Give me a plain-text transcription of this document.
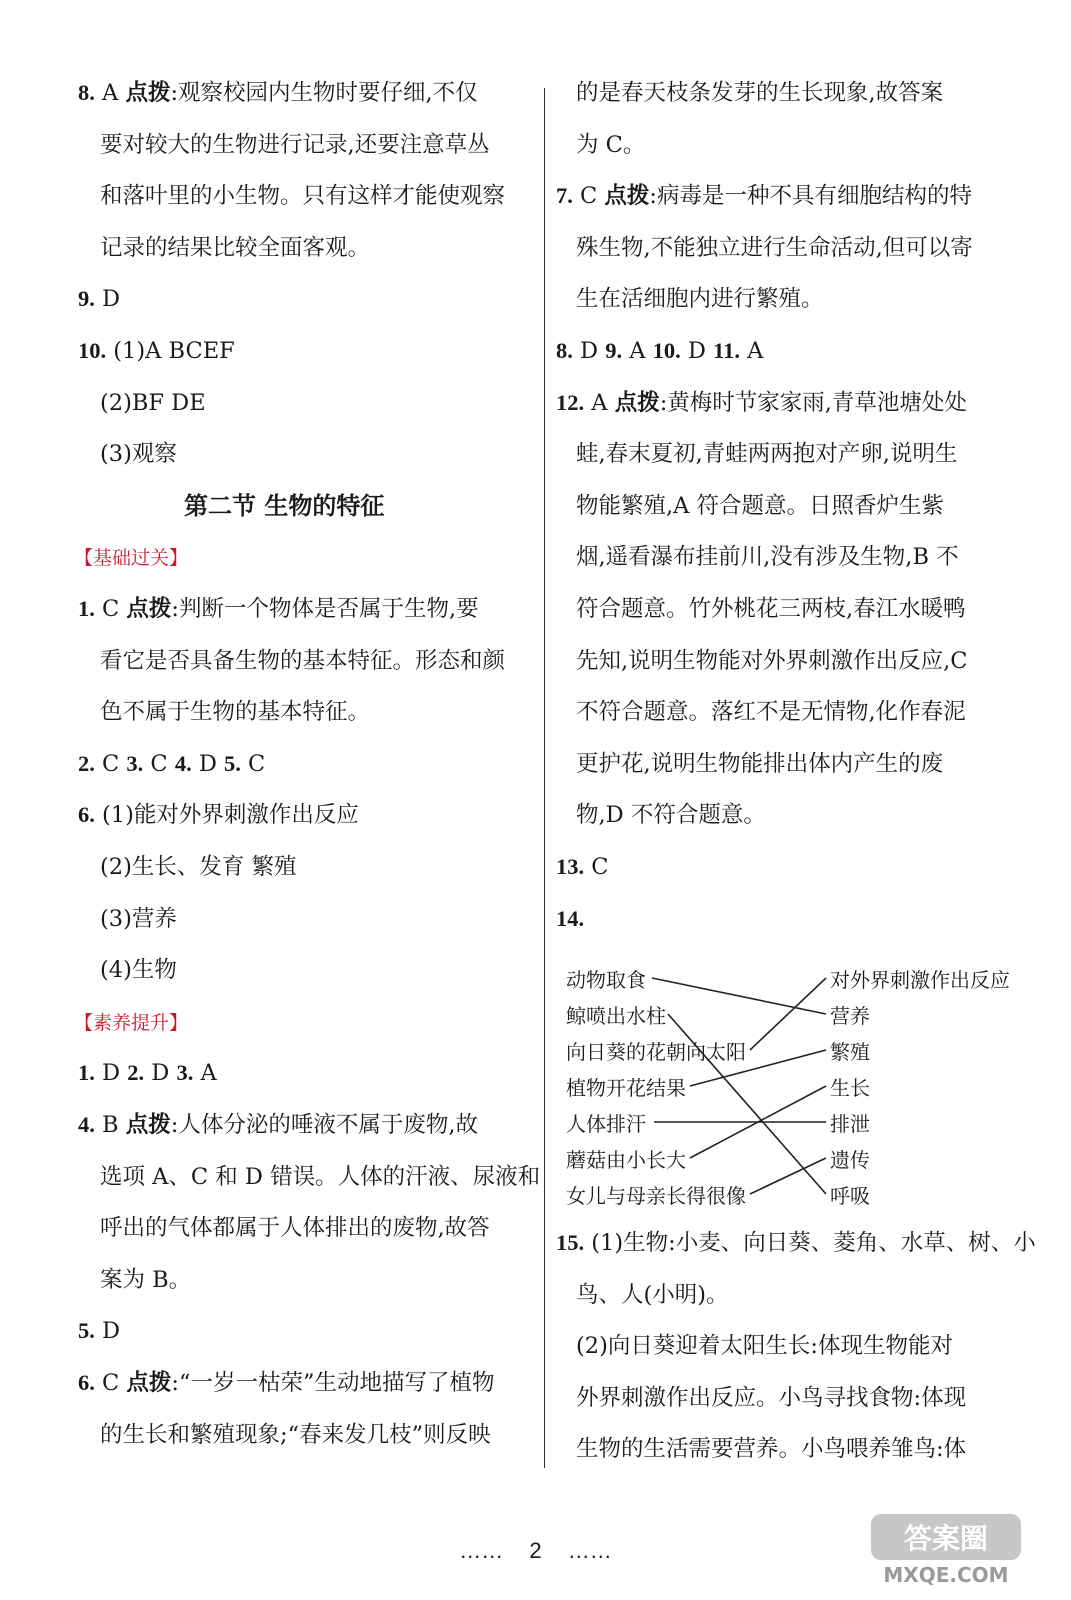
8. A 点拨:观察校园内生物时要仔细,不仅
要对较大的生物进行记录,还要注意草丛
和落叶里的小生物。只有这样才能使观察
记录的结果比较全面客观。
9. D
10. (1)A BCEF
(2)BF DE
(3)观察
第二节 生物的特征
【基础过关】
1. C 点拨:判断一个物体是否属于生物,要
看它是否具备生物的基本特征。形态和颜
色不属于生物的基本特征。
2. C 3. C 4. D 5. C
6. (1)能对外界刺激作出反应
(2)生长、发育 繁殖
(3)营养
(4)生物
【素养提升】
1. D 2. D 3. A
4. B 点拨:人体分泌的唾液不属于废物,故
选项 A、C 和 D 错误。人体的汗液、尿液和
呼出的气体都属于人体排出的废物,故答
案为 B。
5. D
6. C 点拨:“一岁一枯荣”生动地描写了植物
的生长和繁殖现象;“春来发几枝”则反映
的是春天枝条发芽的生长现象,故答案
为 C。
7. C 点拨:病毒是一种不具有细胞结构的特
殊生物,不能独立进行生命活动,但可以寄
生在活细胞内进行繁殖。
8. D 9. A 10. D 11. A
12. A 点拨:黄梅时节家家雨,青草池塘处处
蛙,春末夏初,青蛙两两抱对产卵,说明生
物能繁殖,A 符合题意。日照香炉生紫
烟,遥看瀑布挂前川,没有涉及生物,B 不
符合题意。竹外桃花三两枝,春江水暖鸭
先知,说明生物能对外界刺激作出反应,C
不符合题意。落红不是无情物,化作春泥
更护花,说明生物能排出体内产生的废
物,D 不符合题意。
13. C
14.
动物取食
鲸喷出水柱
向日葵的花朝向太阳
植物开花结果
人体排汗
蘑菇由小长大
女儿与母亲长得很像
对外界刺激作出反应
营养
繁殖
生长
排泄
遗传
呼吸
15. (1)生物:小麦、向日葵、菱角、水草、树、小
鸟、人(小明)。
(2)向日葵迎着太阳生长:体现生物能对
外界刺激作出反应。小鸟寻找食物:体现
生物的生活需要营养。小鸟喂养雏鸟:体
…… 2 ……	答案圈
MXQE.COM
